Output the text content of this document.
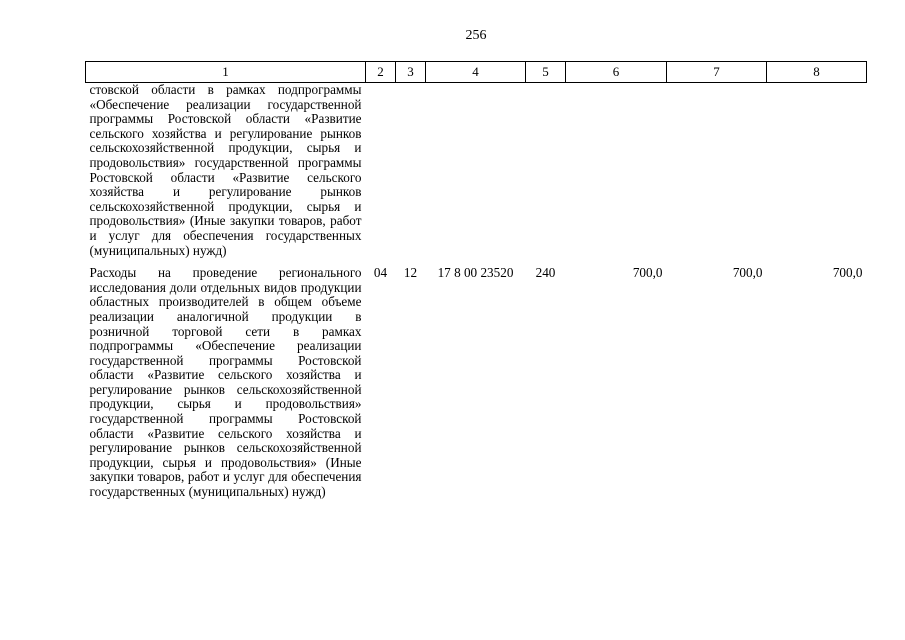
256
1	2	3	4	5	6	7	8
стовской области в рамках подпрограммы «Обеспечение реализации государственной программы Ростовской области «Развитие сельского хозяйства и регулирование рынков сельскохозяйственной продукции, сырья и продовольствия» государственной программы Ростовской области «Развитие сельского хозяйства и регулирование рынков сельскохозяйственной продукции, сырья и продовольствия» (Иные закупки товаров, работ и услуг для обеспечения государственных (муниципальных) нужд)							
Расходы на проведение регионального исследования доли отдельных видов продукции областных производителей в общем объеме реализации аналогичной продукции в розничной торговой сети в рамках подпрограммы «Обеспечение реализации государственной программы Ростовской области «Развитие сельского хозяйства и регулирование рынков сельскохозяйственной продукции, сырья и продовольствия» государственной программы Ростовской области «Развитие сельского хозяйства и регулирование рынков сельскохозяйственной продукции, сырья и продовольствия» (Иные закупки товаров, работ и услуг для обеспечения государственных (муниципальных) нужд)	04	12	17 8 00 23520	240	700,0	700,0	700,0
